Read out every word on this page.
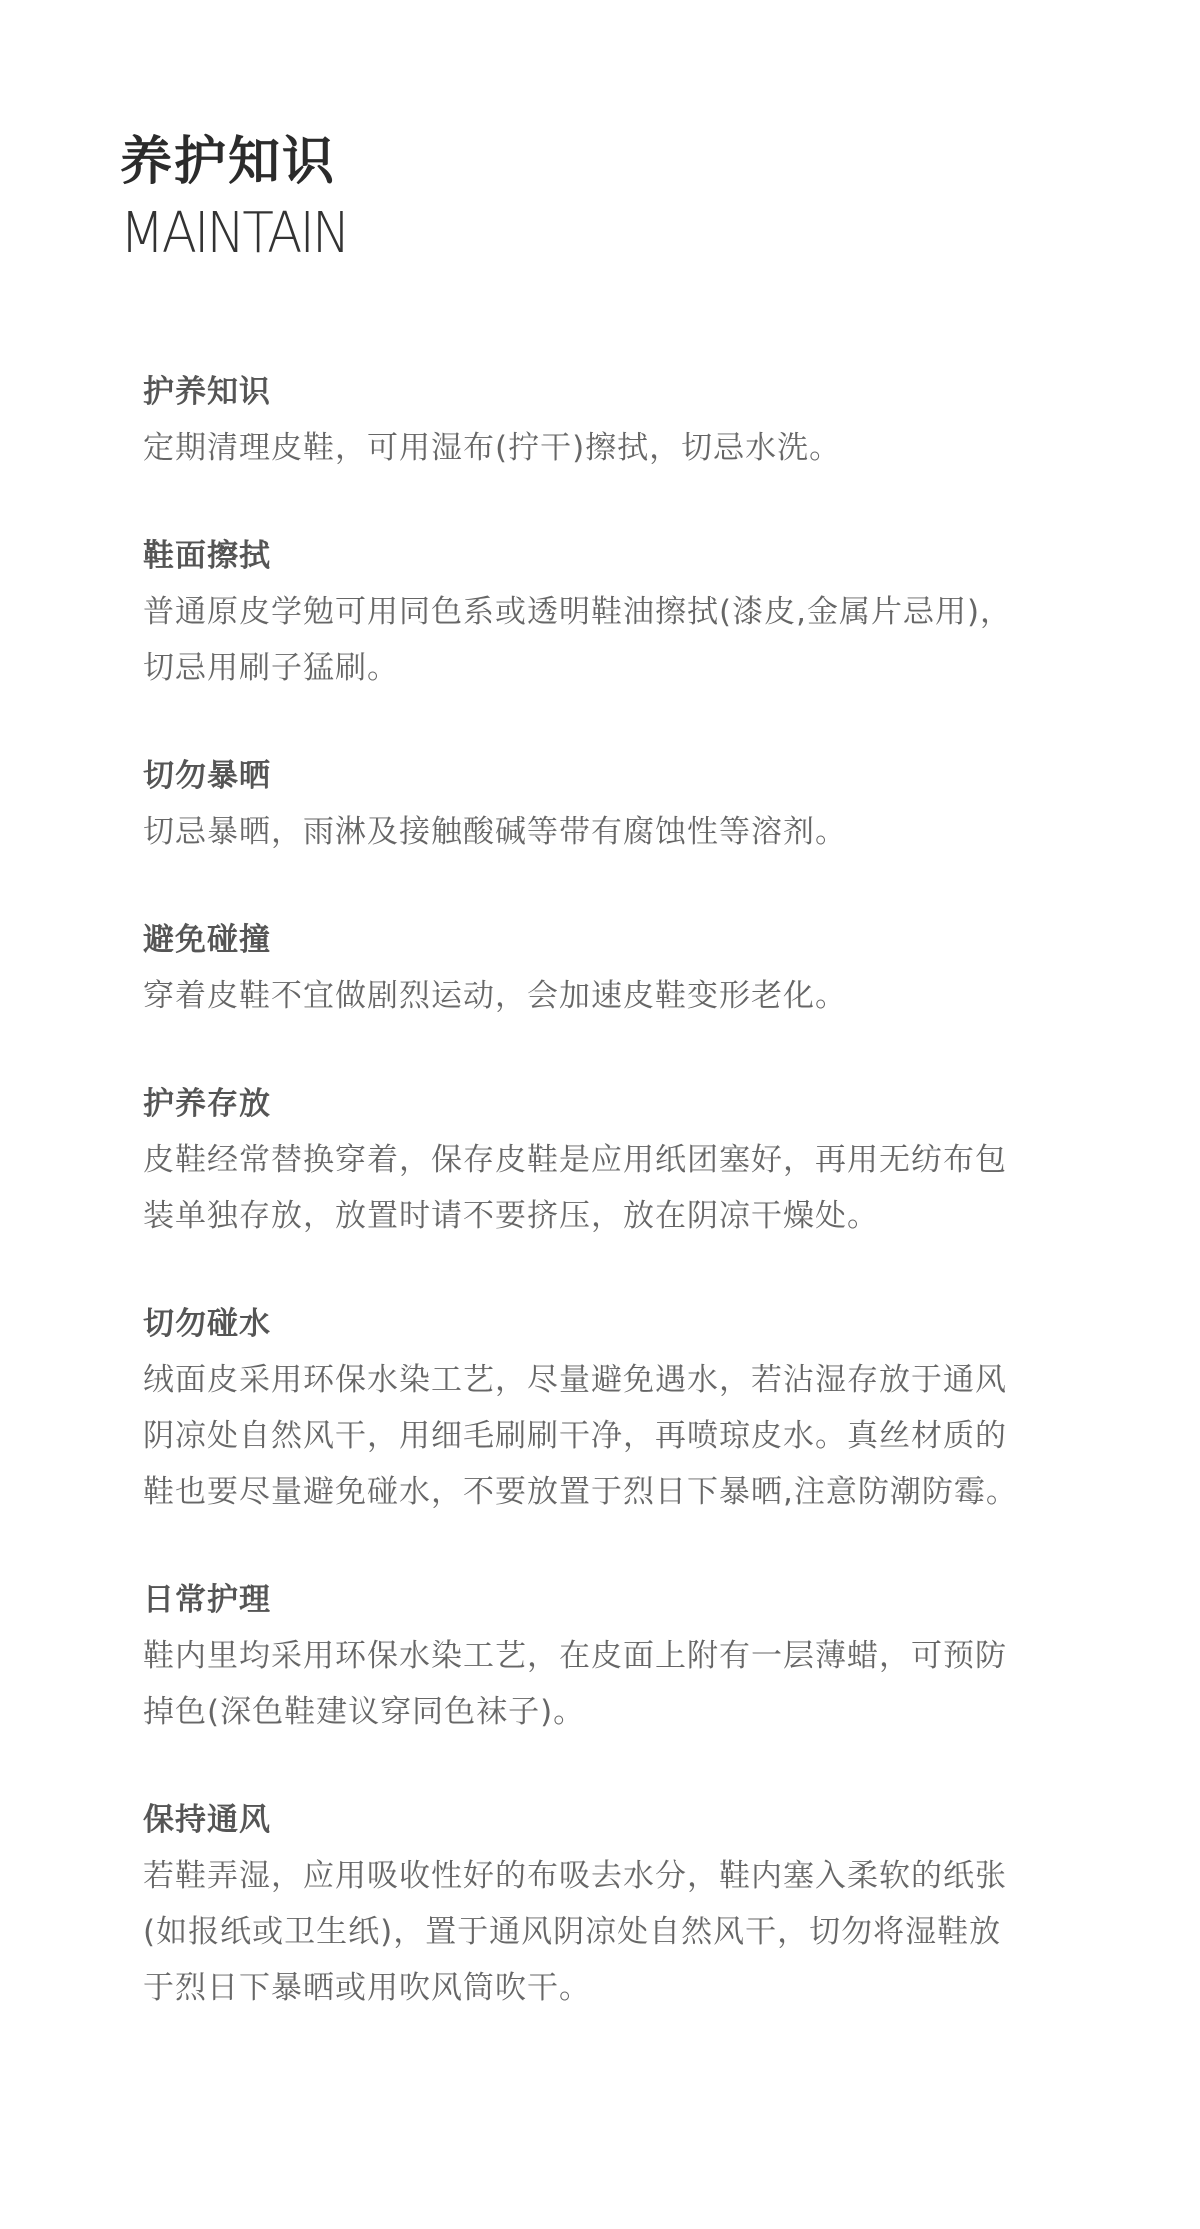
养护知识
MAINTAIN
护养知识

定期清理皮鞋，可用湿布(拧干)擦拭，切忌水洗。

鞋面擦拭

普通原皮学勉可用同色系或透明鞋油擦拭(漆皮,金属片忌用)，
切忌用刷子猛刷。

切勿暴晒

切忌暴晒，雨淋及接触酸碱等带有腐蚀性等溶剂。

避免碰撞

穿着皮鞋不宜做剧烈运动，会加速皮鞋变形老化。

护养存放

皮鞋经常替换穿着，保存皮鞋是应用纸团塞好，再用无纺布包
装单独存放，放置时请不要挤压，放在阴凉干燥处。

切勿碰水

绒面皮采用环保水染工艺，尽量避免遇水，若沾湿存放于通风
阴凉处自然风干，用细毛刷刷干净，再喷琼皮水。真丝材质的
鞋也要尽量避免碰水，不要放置于烈日下暴晒,注意防潮防霉。

日常护理

鞋内里均采用环保水染工艺，在皮面上附有一层薄蜡，可预防
掉色(深色鞋建议穿同色袜子)。

保持通风

若鞋弄湿，应用吸收性好的布吸去水分，鞋内塞入柔软的纸张
(如报纸或卫生纸)，置于通风阴凉处自然风干，切勿将湿鞋放
于烈日下暴晒或用吹风筒吹干。
